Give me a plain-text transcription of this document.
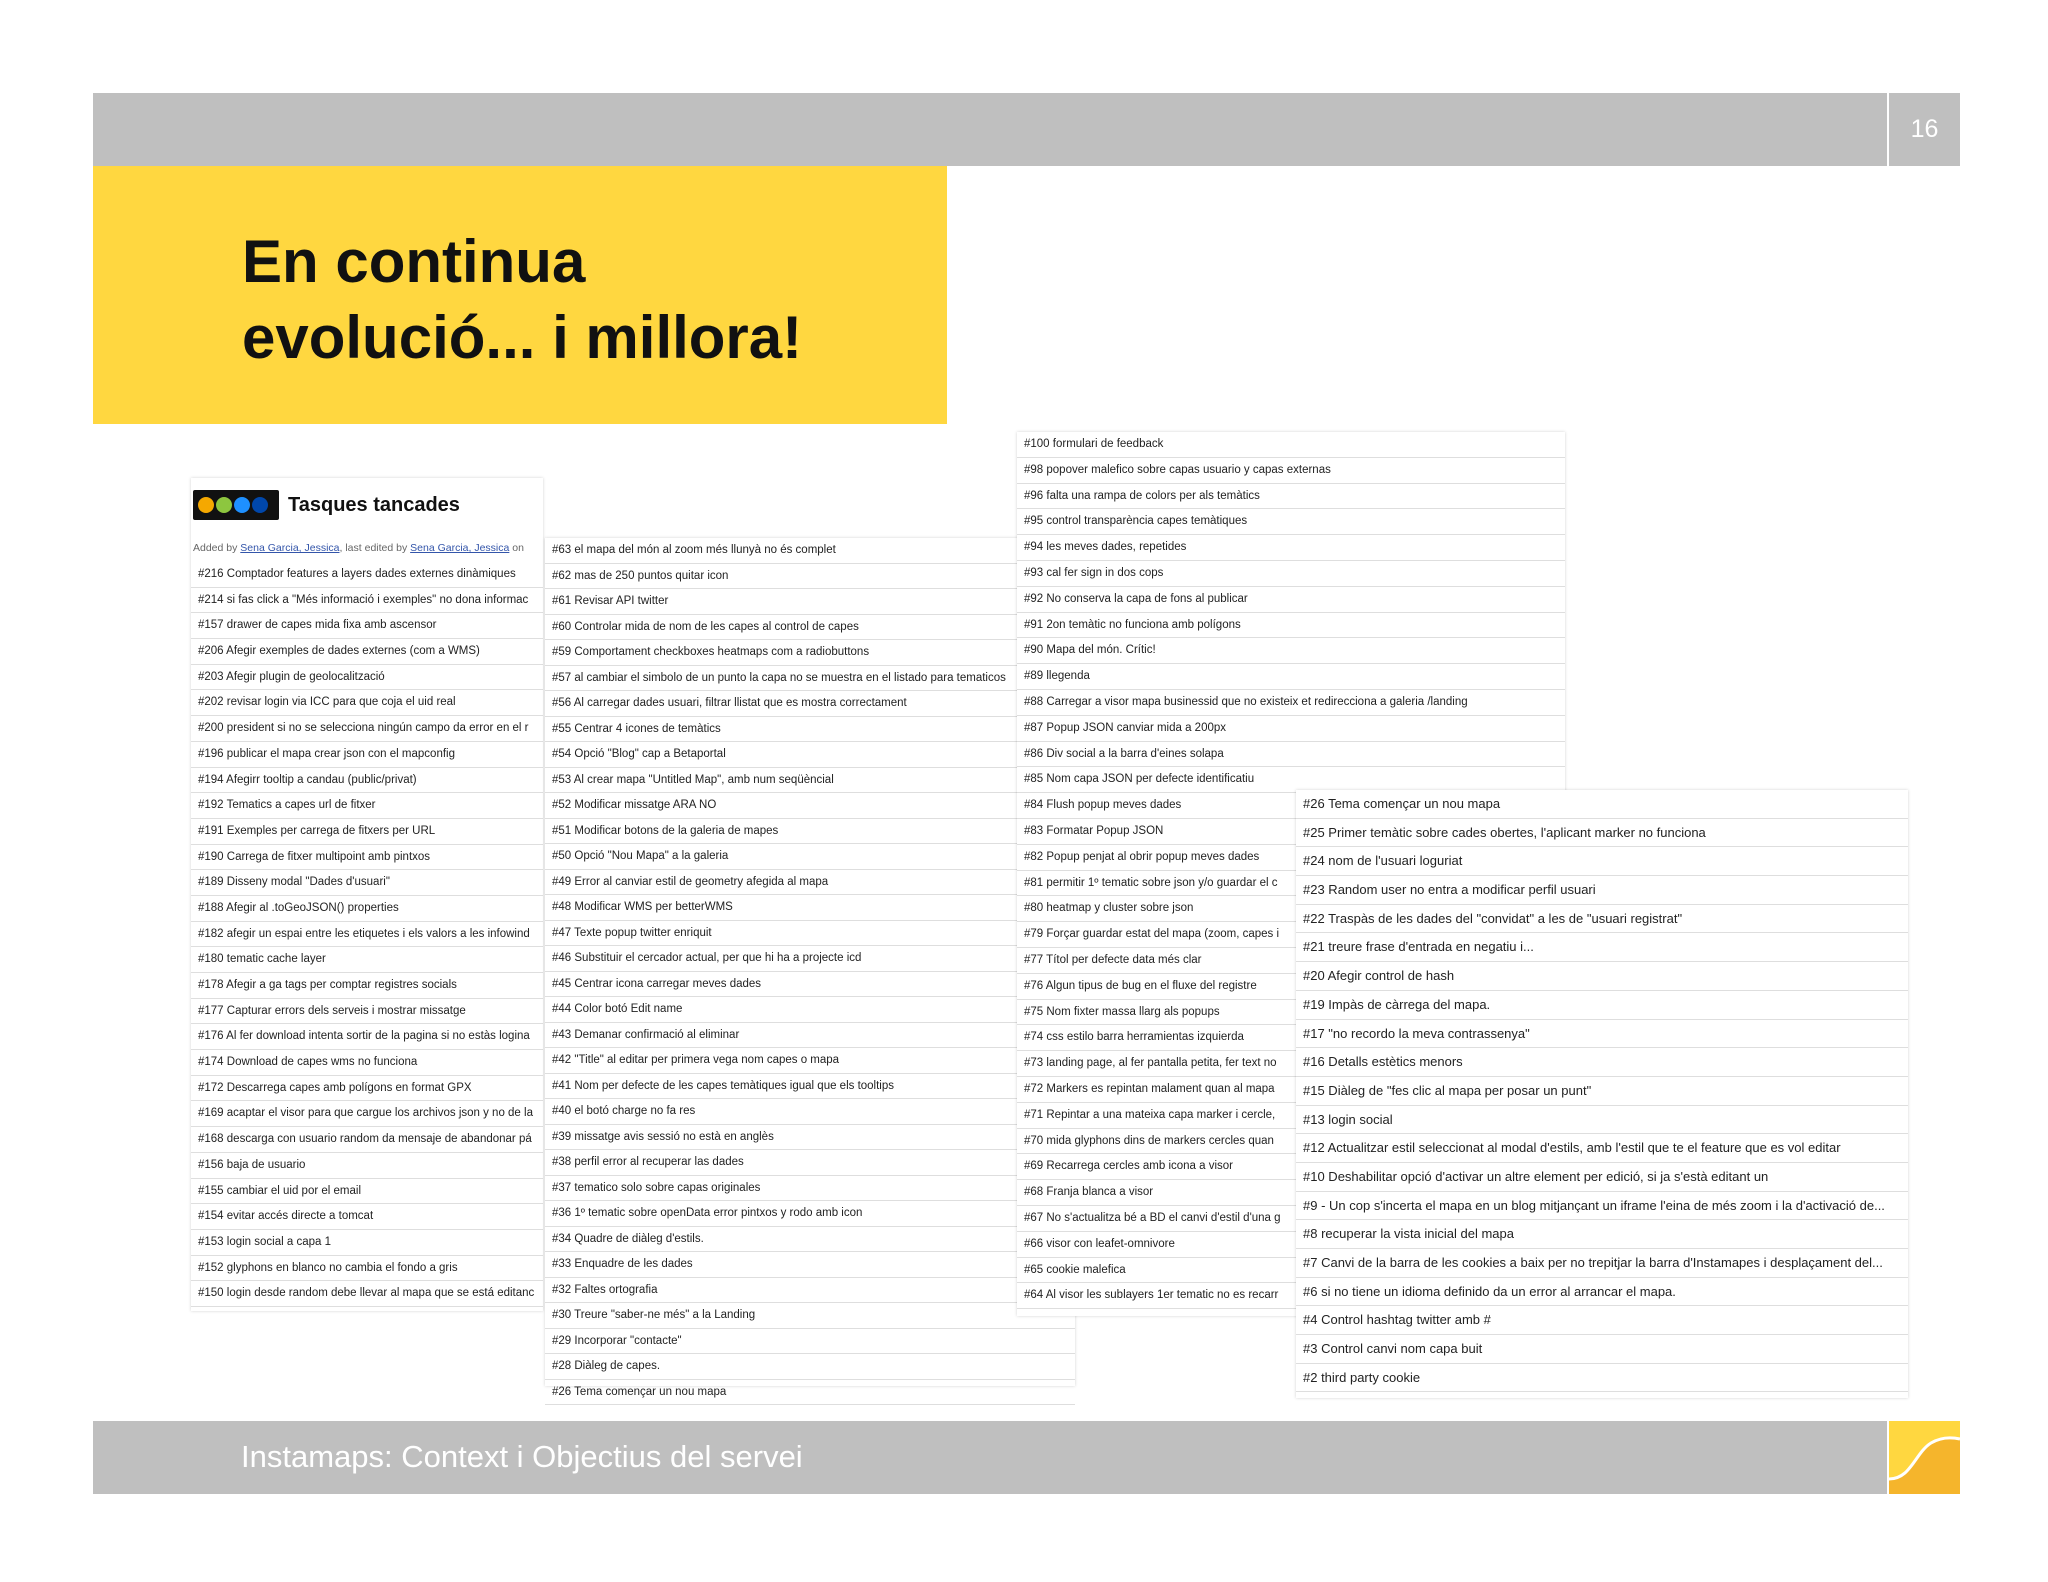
16
En continua
evolució... i millora!
Tasques tancades
Added by Sena Garcia, Jessica, last edited by Sena Garcia, Jessica on
#216 Comptador features a layers dades externes dinàmiques
#214 si fas click a "Més informació i exemples" no dona informac
#157 drawer de capes mida fixa amb ascensor
#206 Afegir exemples de dades externes (com a WMS)
#203 Afegir plugin de geolocalització
#202 revisar login via ICC para que coja el uid real
#200 president si no se selecciona ningún campo da error en el r
#196 publicar el mapa crear json con el mapconfig
#194 Afegirr tooltip a candau (public/privat)
#192 Tematics a capes url de fitxer
#191 Exemples per carrega de fitxers per URL
#190 Carrega de fitxer multipoint amb pintxos
#189 Disseny modal "Dades d'usuari"
#188 Afegir al .toGeoJSON() properties
#182 afegir un espai entre les etiquetes i els valors a les infowind
#180 tematic cache layer
#178 Afegir a ga tags per comptar registres socials
#177 Capturar errors dels serveis i mostrar missatge
#176 Al fer download intenta sortir de la pagina si no estàs logina
#174 Download de capes wms no funciona
#172 Descarrega capes amb polígons en format GPX
#169 acaptar el visor para que cargue los archivos json y no de la
#168 descarga con usuario random da mensaje de abandonar pá
#156 baja de usuario
#155 cambiar el uid por el email
#154 evitar accés directe a tomcat
#153 login social a capa 1
#152 glyphons en blanco no cambia el fondo a gris
#150 login desde random debe llevar al mapa que se está editanc
#63 el mapa del món al zoom més llunyà no és complet
#62 mas de 250 puntos quitar icon
#61 Revisar API twitter
#60 Controlar mida de nom de les capes al control de capes
#59 Comportament checkboxes heatmaps com a radiobuttons
#57 al cambiar el simbolo de un punto la capa no se muestra en el listado para tematicos
#56 Al carregar dades usuari, filtrar llistat que es mostra correctament
#55 Centrar 4 icones de temàtics
#54 Opció "Blog" cap a Betaportal
#53 Al crear mapa "Untitled Map", amb num seqüèncial
#52 Modificar missatge ARA NO
#51 Modificar botons de la galeria de mapes
#50 Opció "Nou Mapa" a la galeria
#49 Error al canviar estil de geometry afegida al mapa
#48 Modificar WMS per betterWMS
#47 Texte popup twitter enriquit
#46 Substituir el cercador actual, per que hi ha a projecte icd
#45 Centrar icona carregar meves dades
#44 Color botó Edit name
#43 Demanar confirmació al eliminar
#42 "Title" al editar per primera vega nom capes o mapa
#41 Nom per defecte de les capes temàtiques igual que els tooltips
#40 el botó charge no fa res
#39 missatge avis sessió no està en anglès
#38 perfil error al recuperar las dades
#37 tematico solo sobre capas originales
#36 1º tematic sobre openData error pintxos y rodo amb icon
#34 Quadre de diàleg d'estils.
#33 Enquadre de les dades
#32 Faltes ortografia
#30 Treure "saber-ne més" a la Landing
#29 Incorporar "contacte"
#28 Diàleg de capes.
#26 Tema començar un nou mapa
#100 formulari de feedback
#98 popover malefico sobre capas usuario y capas externas
#96 falta una rampa de colors per als temàtics
#95 control transparència capes temàtiques
#94 les meves dades, repetides
#93 cal fer sign in dos cops
#92 No conserva la capa de fons al publicar
#91 2on temàtic no funciona amb polígons
#90 Mapa del món. Crític!
#89 llegenda
#88 Carregar a visor mapa businessid que no existeix et redirecciona a galeria /landing
#87 Popup JSON canviar mida a 200px
#86 Div social a la barra d'eines solapa
#85 Nom capa JSON per defecte identificatiu
#84 Flush popup meves dades
#83 Formatar Popup JSON
#82 Popup penjat al obrir popup meves dades
#81 permitir 1º tematic sobre json y/o guardar el c
#80 heatmap y cluster sobre json
#79 Forçar guardar estat del mapa (zoom, capes i
#77 Títol per defecte data més clar
#76 Algun tipus de bug en el fluxe del registre
#75 Nom fixter massa llarg als popups
#74 css estilo barra herramientas izquierda
#73 landing page, al fer pantalla petita, fer text no
#72 Markers es repintan malament quan al mapa
#71 Repintar a una mateixa capa marker i cercle,
#70 mida glyphons dins de markers cercles quan
#69 Recarrega cercles amb icona a visor
#68 Franja blanca a visor
#67 No s'actualitza bé a BD el canvi d'estil d'una g
#66 visor con leafet-omnivore
#65 cookie malefica
#64 Al visor les sublayers 1er tematic no es recarr
#26 Tema començar un nou mapa
#25 Primer temàtic sobre cades obertes, l'aplicant marker no funciona
#24 nom de l'usuari loguriat
#23 Random user no entra a modificar perfil usuari
#22 Traspàs de les dades del "convidat" a les de "usuari registrat"
#21 treure frase d'entrada en negatiu i...
#20 Afegir control de hash
#19 Impàs de càrrega del mapa.
#17 "no recordo la meva contrassenya"
#16 Detalls estètics menors
#15 Diàleg de "fes clic al mapa per posar un punt"
#13 login social
#12 Actualitzar estil seleccionat al modal d'estils, amb l'estil que te el feature que es vol editar
#10 Deshabilitar opció d'activar un altre element per edició, si ja s'està editant un
#9 - Un cop s'incerta el mapa en un blog mitjançant un iframe l'eina de més zoom i la d'activació de...
#8 recuperar la vista inicial del mapa
#7 Canvi de la barra de les cookies a baix per no trepitjar la barra d'Instamapes i desplaçament del...
#6 si no tiene un idioma definido da un error al arrancar el mapa.
#4 Control hashtag twitter amb #
#3 Control canvi nom capa buit
#2 third party cookie
Instamaps: Context i Objectius del servei
